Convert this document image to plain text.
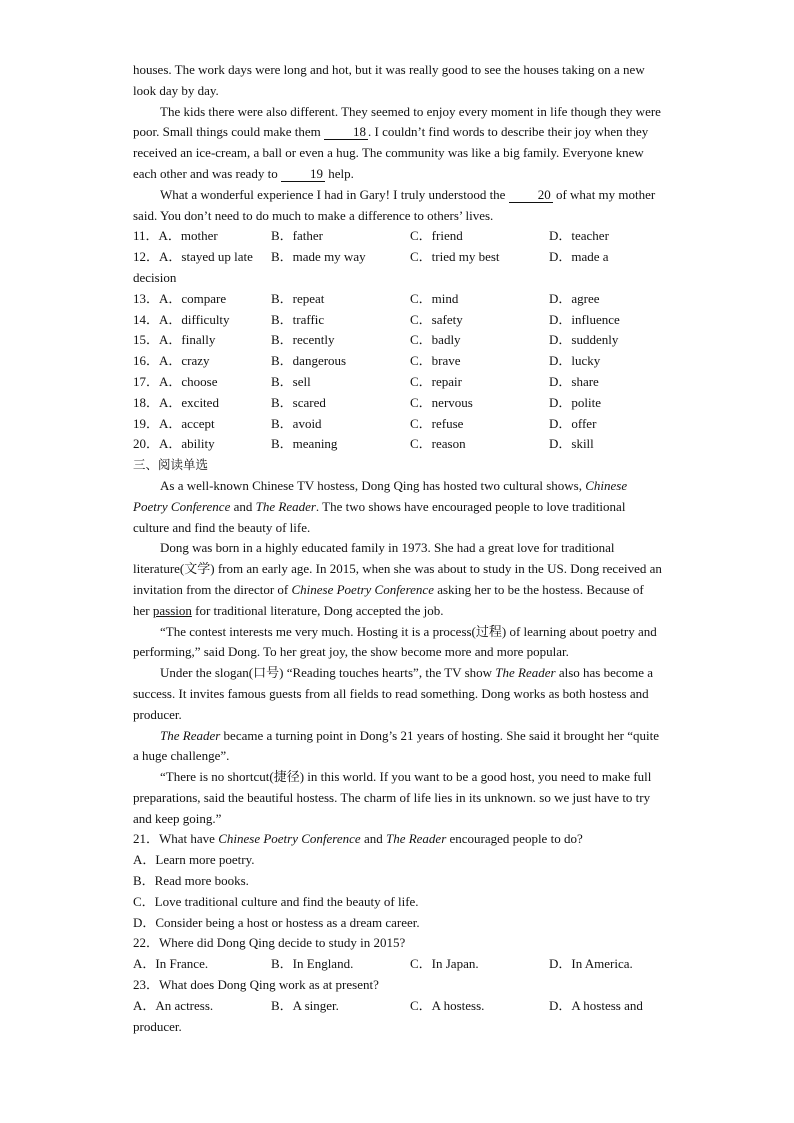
houses. The work days were long and hot, but it was really good to see the houses taking on a new look day by day.

The kids there were also different. They seemed to enjoy every moment in life though they were poor. Small things could make them 18 . I couldn’t find words to describe their joy when they received an ice-cream, a ball or even a hug. The community was like a big family. Everyone knew each other and was ready to 19 help.

What a wonderful experience I had in Gary! I truly understood the 20 of what my mother said. You don’t need to do much to make a difference to others’ lives.

11．A．mother	B．father	C．friend	D．teacher
12．A．stayed up late	B．made my way	C．tried my best	D．made a

decision

13．A．compare	B．repeat	C．mind	D．agree
14．A．difficulty	B．traffic	C．safety	D．influence
15．A．finally	B．recently	C．badly	D．suddenly
16．A．crazy	B．dangerous	C．brave	D．lucky
17．A．choose	B．sell	C．repair	D．share
18．A．excited	B．scared	C．nervous	D．polite
19．A．accept	B．avoid	C．refuse	D．offer
20．A．ability	B．meaning	C．reason	D．skill

三、阅读单选

As a well-known Chinese TV hostess, Dong Qing has hosted two cultural shows, Chinese Poetry Conference and The Reader. The two shows have encouraged people to love traditional culture and find the beauty of life.

Dong was born in a highly educated family in 1973. She had a great love for traditional literature(文学) from an early age. In 2015, when she was about to study in the US. Dong received an invitation from the director of Chinese Poetry Conference asking her to be the hostess. Because of her passion for traditional literature, Dong accepted the job.

“The contest interests me very much. Hosting it is a process(过程) of learning about poetry and performing,” said Dong. To her great joy, the show become more and more popular.

Under the slogan(口号) “Reading touches hearts”, the TV show The Reader also has become a success. It invites famous guests from all fields to read something. Dong works as both hostess and producer.

The Reader became a turning point in Dong’s 21 years of hosting. She said it brought her “quite a huge challenge”.

“There is no shortcut(捷径) in this world. If you want to be a good host, you need to make full preparations, said the beautiful hostess. The charm of life lies in its unknown. so we just have to try and keep going.”

21．What have Chinese Poetry Conference and The Reader encouraged people to do?

A．Learn more poetry.

B．Read more books.

C．Love traditional culture and find the beauty of life.

D．Consider being a host or hostess as a dream career.

22．Where did Dong Qing decide to study in 2015?

A．In France.	B．In England.	C．In Japan.	D．In America.

23．What does Dong Qing work as at present?

A．An actress.	B．A singer.	C．A hostess.	D．A hostess and

producer.
